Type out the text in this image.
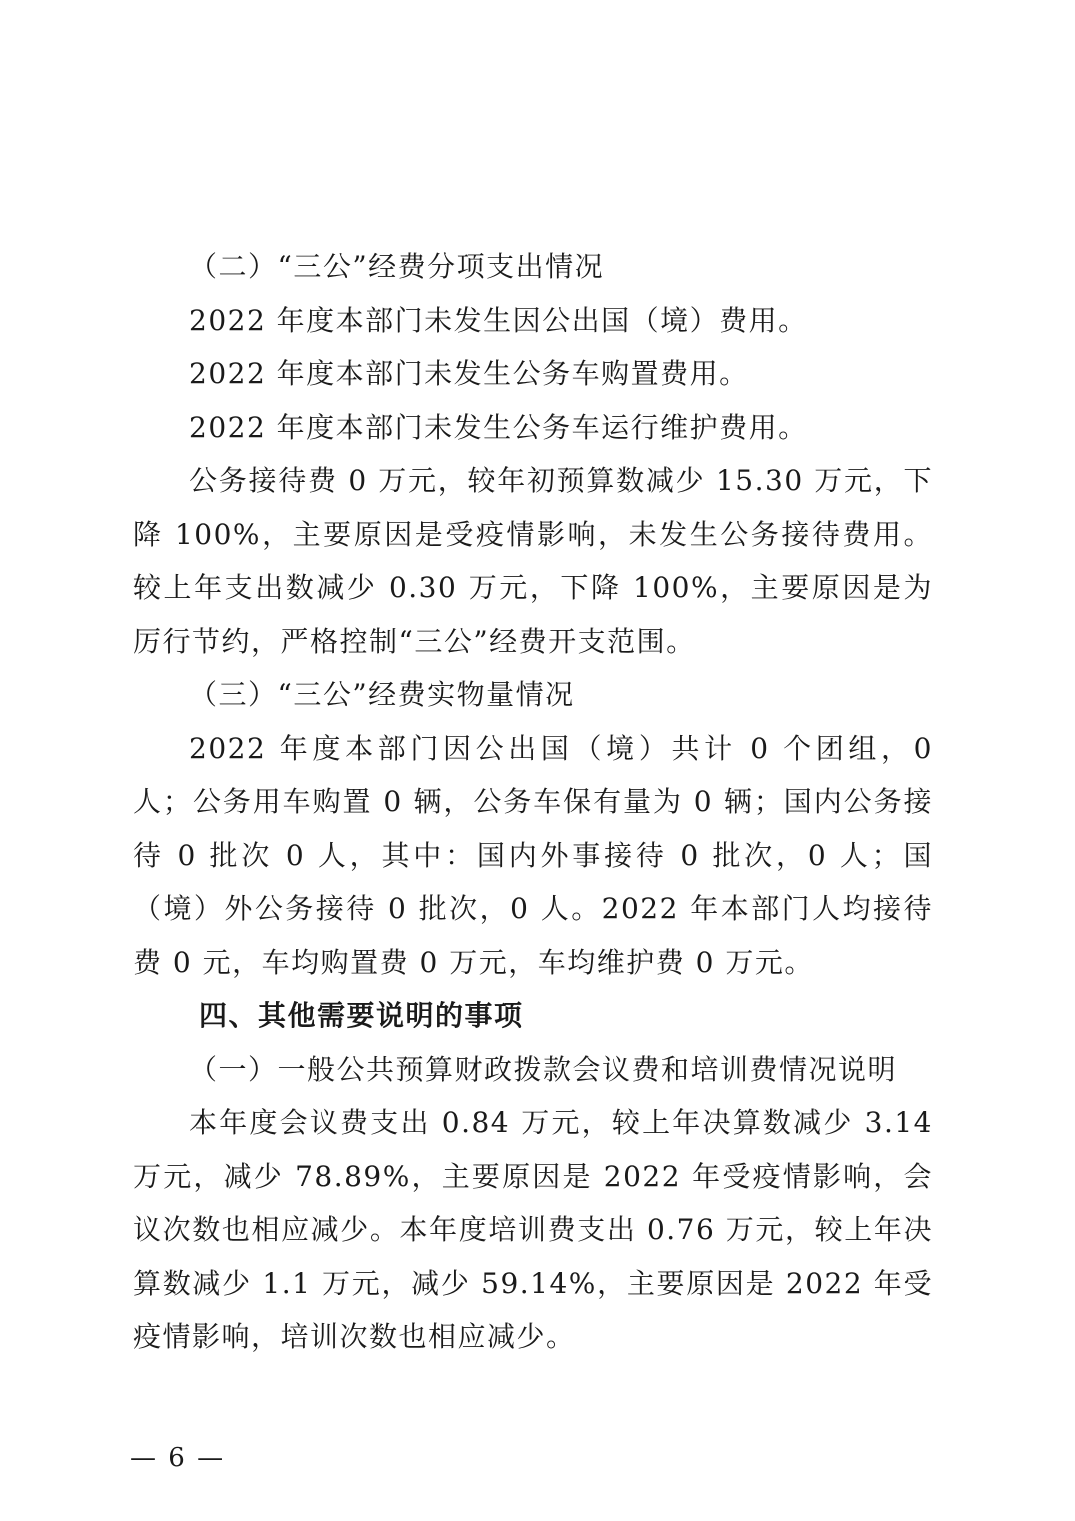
（二）“三公”经费分项支出情况

2022 年度本部门未发生因公出国（境）费用。

2022 年度本部门未发生公务车购置费用。

2022 年度本部门未发生公务车运行维护费用。

公务接待费 0 万元，较年初预算数减少 15.30 万元，下降 100%，主要原因是受疫情影响，未发生公务接待费用。较上年支出数减少 0.30 万元，下降 100%，主要原因是为厉行节约，严格控制“三公”经费开支范围。

（三）“三公”经费实物量情况

2022 年度本部门因公出国（境）共计 0 个团组，0 人；公务用车购置 0 辆，公务车保有量为 0 辆；国内公务接待 0 批次 0 人，其中：国内外事接待 0 批次，0 人；国（境）外公务接待 0 批次，0 人。2022 年本部门人均接待费 0 元，车均购置费 0 万元，车均维护费 0 万元。

四、其他需要说明的事项

（一）一般公共预算财政拨款会议费和培训费情况说明

本年度会议费支出 0.84 万元，较上年决算数减少 3.14 万元，减少 78.89%，主要原因是 2022 年受疫情影响，会议次数也相应减少。本年度培训费支出 0.76 万元，较上年决算数减少 1.1 万元，减少 59.14%，主要原因是 2022 年受疫情影响，培训次数也相应减少。

— 6 —
